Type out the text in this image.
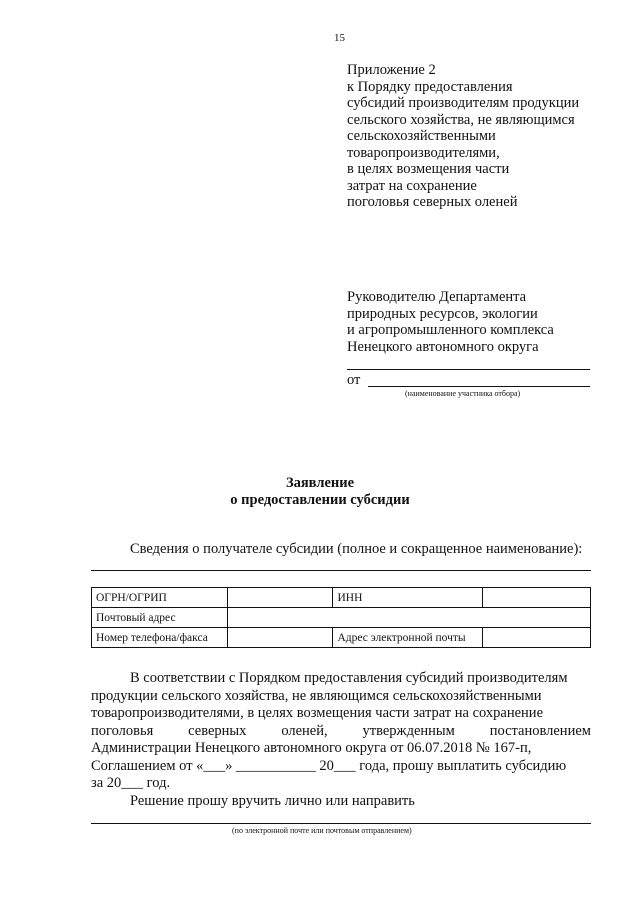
15
Приложение 2
к Порядку предоставления
субсидий производителям продукции
сельского хозяйства, не являющимся
сельскохозяйственными
товаропроизводителями,
в целях возмещения части
затрат на сохранение
поголовья северных оленей
Руководителю Департамента
природных ресурсов, экологии
и агропромышленного комплекса
Ненецкого автономного округа
от
(наименование участника отбора)
Заявление
о предоставлении субсидии
Сведения о получателе субсидии (полное и сокращенное наименование):
ОГРН/ОГРИП		ИНН	
Почтовый адрес			
Номер телефона/факса		Адрес электронной почты	

В соответствии с Порядком предоставления субсидий производителям

продукции сельского хозяйства, не являющимся сельскохозяйственными

товаропроизводителями, в целях возмещения части затрат на сохранение

поголовья северных оленей, утвержденным постановлением

Администрации Ненецкого автономного округа от 06.07.2018 № 167-п,

Соглашением от «___» ___________ 20___ года, прошу выплатить субсидию

за 20___ год.

Решение прошу вручить лично или направить

(по электронной почте или почтовым отправлением)
